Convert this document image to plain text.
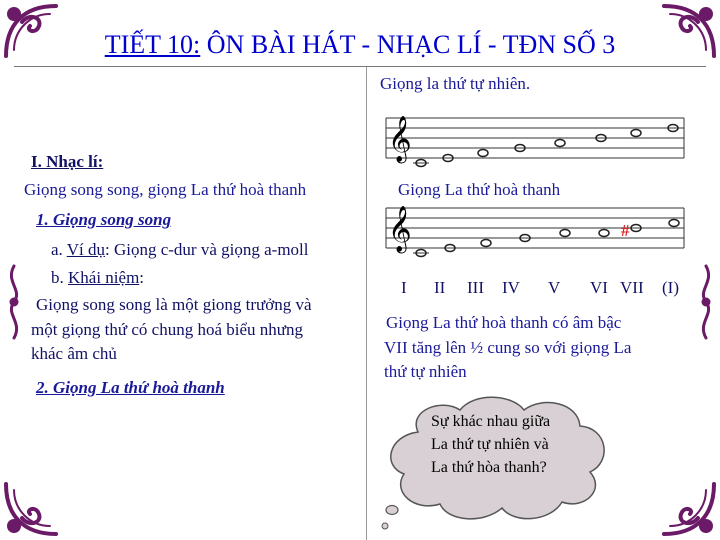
TIẾT 10: ÔN BÀI HÁT - NHẠC LÍ - TĐN SỐ 3
I. Nhạc lí:
Giọng song song, giọng La thứ hoà thanh
1. Giọng song song
a. Ví dụ: Giọng c-dur và giọng a-moll
b. Khái niệm:
Giọng song song là một giong trưởng và
một giọng thứ có chung hoá biểu nhưng
khác âm chủ
2. Giọng La thứ hoà thanh
Giọng la thứ tự nhiên.
𝄞
Giọng La thứ hoà thanh
𝄞	#
I II III IV V VI VII (I)
Giọng La thứ hoà thanh có âm bậc
VII tăng lên ½ cung so với giọng La
thứ tự nhiên
Sự khác nhau giữa
La thứ tự nhiên và
La thứ hòa thanh?
